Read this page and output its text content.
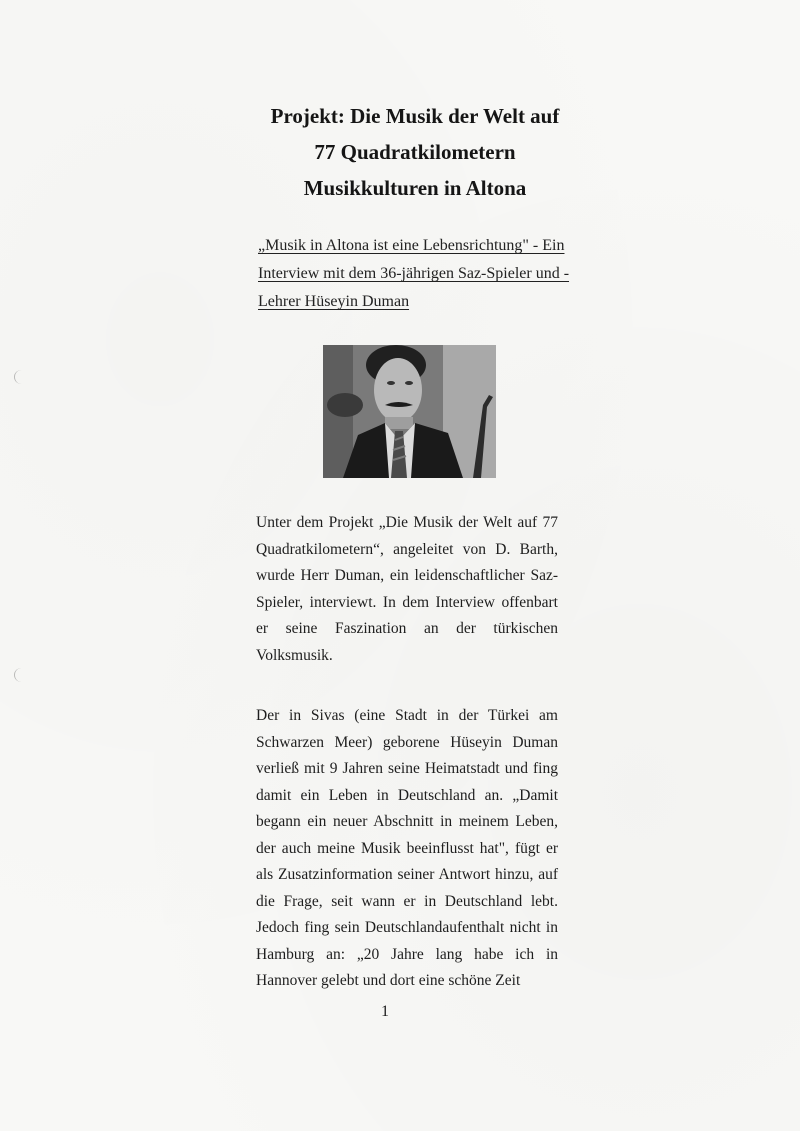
Projekt: Die Musik der Welt auf
77 Quadratkilometern
Musikkulturen in Altona
„Musik in Altona ist eine Lebensrichtung" - Ein
Interview mit dem 36-jährigen Saz-Spieler und -
Lehrer Hüseyin Duman
Unter dem Projekt „Die Musik der Welt auf 77 Quadratkilometern“, angeleitet von D. Barth, wurde Herr Duman, ein leidenschaftlicher Saz-Spieler, interviewt. In dem Interview offenbart er seine Faszination an der türkischen Volksmusik.
Der in Sivas (eine Stadt in der Türkei am Schwarzen Meer) geborene Hüseyin Duman verließ mit 9 Jahren seine Heimatstadt und fing damit ein Leben in Deutschland an. „Damit begann ein neuer Abschnitt in meinem Leben, der auch meine Musik beeinflusst hat", fügt er als Zusatzinformation seiner Antwort hinzu, auf die Frage, seit wann er in Deutschland lebt. Jedoch fing sein Deutschlandaufenthalt nicht in Hamburg an: „20 Jahre lang habe ich in Hannover gelebt und dort eine schöne Zeit
1
